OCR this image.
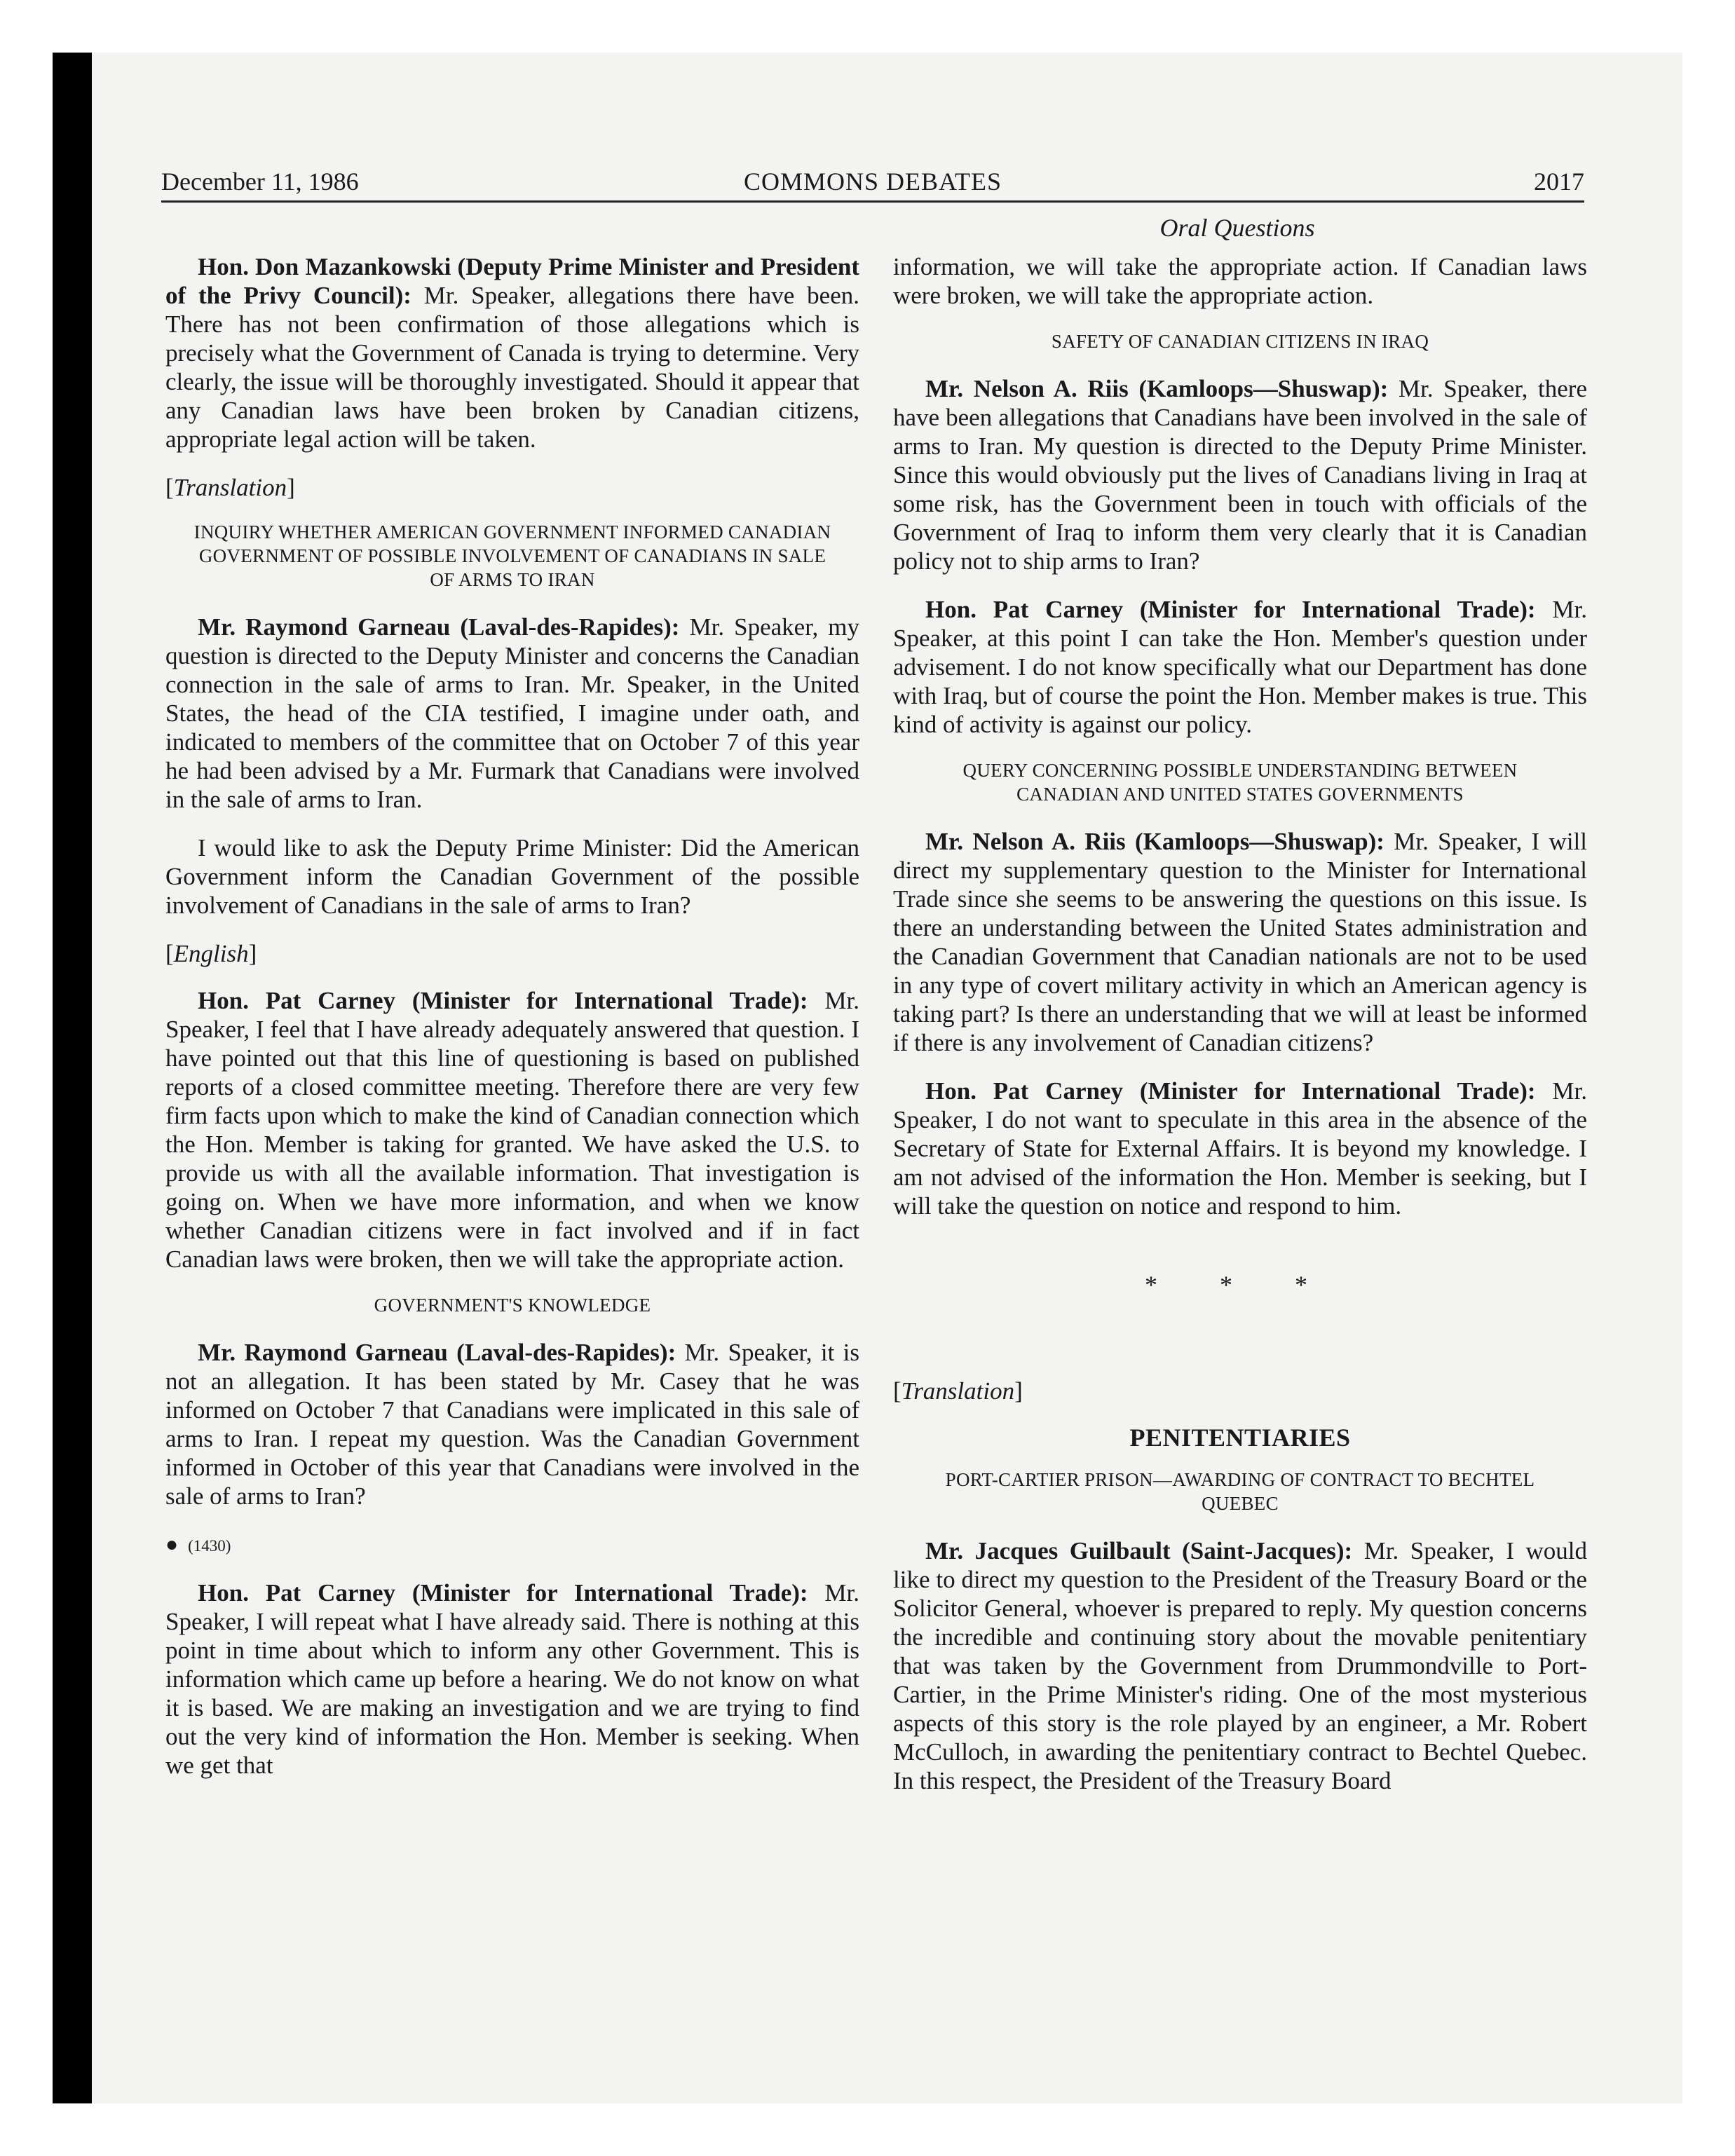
COMMONS DEBATES
December 11, 1986	2017
Oral Questions

Hon. Don Mazankowski (Deputy Prime Minister and President of the Privy Council): Mr. Speaker, allegations there have been. There has not been confirmation of those allegations which is precisely what the Government of Canada is trying to determine. Very clearly, the issue will be thoroughly investigated. Should it appear that any Canadian laws have been broken by Canadian citizens, appropriate legal action will be taken.

[Translation]
INQUIRY WHETHER AMERICAN GOVERNMENT INFORMED CANADIAN GOVERNMENT OF POSSIBLE INVOLVEMENT OF CANADIANS IN SALE OF ARMS TO IRAN

Mr. Raymond Garneau (Laval-des-Rapides): Mr. Speaker, my question is directed to the Deputy Minister and concerns the Canadian connection in the sale of arms to Iran. Mr. Speaker, in the United States, the head of the CIA testified, I imagine under oath, and indicated to members of the committee that on October 7 of this year he had been advised by a Mr. Furmark that Canadians were involved in the sale of arms to Iran.

I would like to ask the Deputy Prime Minister: Did the American Government inform the Canadian Government of the possible involvement of Canadians in the sale of arms to Iran?

[English]

Hon. Pat Carney (Minister for International Trade): Mr. Speaker, I feel that I have already adequately answered that question. I have pointed out that this line of questioning is based on published reports of a closed committee meeting. Therefore there are very few firm facts upon which to make the kind of Canadian connection which the Hon. Member is taking for granted. We have asked the U.S. to provide us with all the available information. That investigation is going on. When we have more information, and when we know whether Canadian citizens were in fact involved and if in fact Canadian laws were broken, then we will take the appropriate action.

GOVERNMENT'S KNOWLEDGE

Mr. Raymond Garneau (Laval-des-Rapides): Mr. Speaker, it is not an allegation. It has been stated by Mr. Casey that he was informed on October 7 that Canadians were implicated in this sale of arms to Iran. I repeat my question. Was the Canadian Government informed in October of this year that Canadians were involved in the sale of arms to Iran?

● (1430)

Hon. Pat Carney (Minister for International Trade): Mr. Speaker, I will repeat what I have already said. There is nothing at this point in time about which to inform any other Government. This is information which came up before a hearing. We do not know on what it is based. We are making an investigation and we are trying to find out the very kind of information the Hon. Member is seeking. When we get that

information, we will take the appropriate action. If Canadian laws were broken, we will take the appropriate action.

SAFETY OF CANADIAN CITIZENS IN IRAQ

Mr. Nelson A. Riis (Kamloops—Shuswap): Mr. Speaker, there have been allegations that Canadians have been involved in the sale of arms to Iran. My question is directed to the Deputy Prime Minister. Since this would obviously put the lives of Canadians living in Iraq at some risk, has the Government been in touch with officials of the Government of Iraq to inform them very clearly that it is Canadian policy not to ship arms to Iran?

Hon. Pat Carney (Minister for International Trade): Mr. Speaker, at this point I can take the Hon. Member's question under advisement. I do not know specifically what our Department has done with Iraq, but of course the point the Hon. Member makes is true. This kind of activity is against our policy.

QUERY CONCERNING POSSIBLE UNDERSTANDING BETWEEN CANADIAN AND UNITED STATES GOVERNMENTS

Mr. Nelson A. Riis (Kamloops—Shuswap): Mr. Speaker, I will direct my supplementary question to the Minister for International Trade since she seems to be answering the questions on this issue. Is there an understanding between the United States administration and the Canadian Government that Canadian nationals are not to be used in any type of covert military activity in which an American agency is taking part? Is there an understanding that we will at least be informed if there is any involvement of Canadian citizens?

Hon. Pat Carney (Minister for International Trade): Mr. Speaker, I do not want to speculate in this area in the absence of the Secretary of State for External Affairs. It is beyond my knowledge. I am not advised of the information the Hon. Member is seeking, but I will take the question on notice and respond to him.

* * *
[Translation]
PENITENTIARIES
PORT-CARTIER PRISON—AWARDING OF CONTRACT TO BECHTEL QUEBEC

Mr. Jacques Guilbault (Saint-Jacques): Mr. Speaker, I would like to direct my question to the President of the Treasury Board or the Solicitor General, whoever is prepared to reply. My question concerns the incredible and continuing story about the movable penitentiary that was taken by the Government from Drummondville to Port-Cartier, in the Prime Minister's riding. One of the most mysterious aspects of this story is the role played by an engineer, a Mr. Robert McCulloch, in awarding the penitentiary contract to Bechtel Quebec. In this respect, the President of the Treasury Board
